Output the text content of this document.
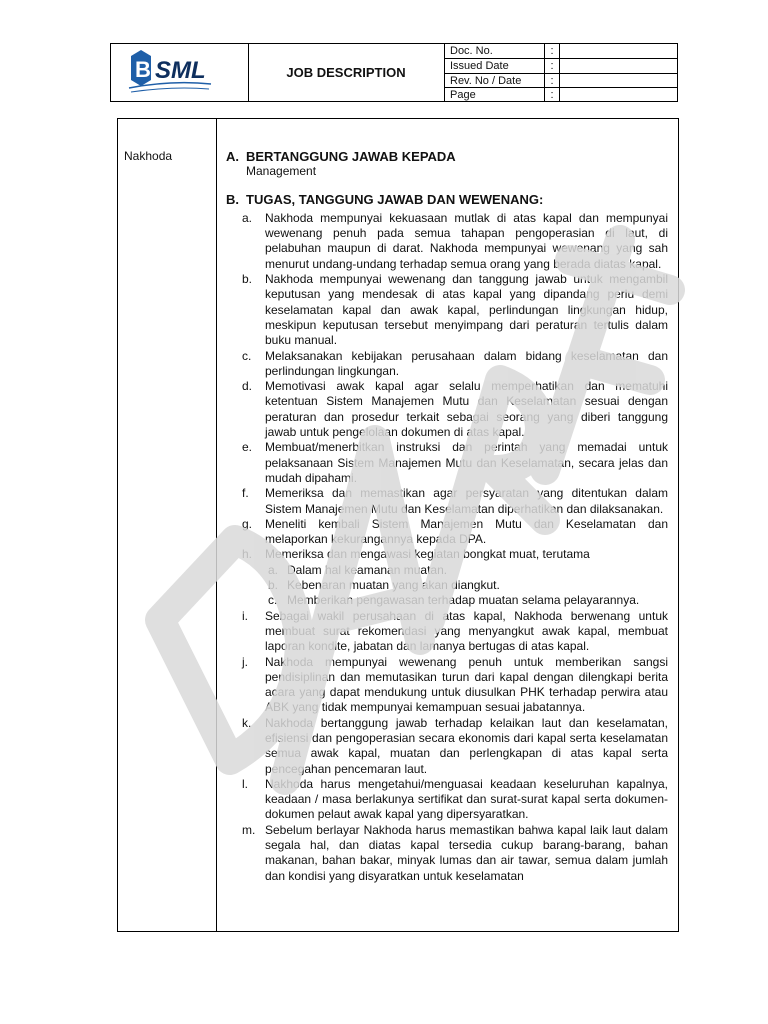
B SML	JOB DESCRIPTION
Doc. No.	:
Issued Date	:
Rev. No / Date	:
Page	:
Nakhoda	A. BERTANGGUNG JAWAB KEPADA

Management

B. TUGAS, TANGGUNG JAWAB DAN WEWENANG:

a. Nakhoda mempunyai kekuasaan mutlak di atas kapal dan mempunyai wewenang penuh pada semua tahapan pengoperasian di laut, di pelabuhan maupun di darat. Nakhoda mempunyai wewenang yang sah menurut undang-undang terhadap semua orang yang berada diatas kapal.
b. Nakhoda mempunyai wewenang dan tanggung jawab untuk mengambil keputusan yang mendesak di atas kapal yang dipandang perlu demi keselamatan kapal dan awak kapal, perlindungan lingkungan hidup, meskipun keputusan tersebut menyimpang dari peraturan tertulis dalam buku manual.
c. Melaksanakan kebijakan perusahaan dalam bidang keselamatan dan perlindungan lingkungan.
d. Memotivasi awak kapal agar selalu memperhatikan dan mematuhi ketentuan Sistem Manajemen Mutu dan Keselamatan sesuai dengan peraturan dan prosedur terkait sebagai seorang yang diberi tanggung jawab untuk pengelolaan dokumen di atas kapal.
e. Membuat/menerbitkan instruksi dan perintah yang memadai untuk pelaksanaan Sistem Manajemen Mutu dan Keselamatan, secara jelas dan mudah dipahami.
f. Memeriksa dan memastikan agar persyaratan yang ditentukan dalam Sistem Manajemen Mutu dan Keselamatan diperhatikan dan dilaksanakan.
g. Meneliti kembali Sistem Manajemen Mutu dan Keselamatan dan melaporkan kekurangannya kepada DPA.
h. Memeriksa dan mengawasi kegiatan bongkat muat, terutama
a. Dalam hal keamanan muatan.
b. Kebenaran muatan yang akan diangkut.
c. Memberikan pengawasan terhadap muatan selama pelayarannya.
i. Sebagai wakil perusahaan di atas kapal, Nakhoda berwenang untuk membuat surat rekomendasi yang menyangkut awak kapal, membuat laporan kondite, jabatan dan lamanya bertugas di atas kapal.
j. Nakhoda mempunyai wewenang penuh untuk memberikan sangsi pendisiplinan dan memutasikan turun dari kapal dengan dilengkapi berita acara yang dapat mendukung untuk diusulkan PHK terhadap perwira atau ABK yang tidak mempunyai kemampuan sesuai jabatannya.
k. Nakhoda bertanggung jawab terhadap kelaikan laut dan keselamatan, efisiensi dan pengoperasian secara ekonomis dari kapal serta keselamatan semua awak kapal, muatan dan perlengkapan di atas kapal serta pencegahan pencemaran laut.
l. Nakhoda harus mengetahui/menguasai keadaan keseluruhan kapalnya, keadaan / masa berlakunya sertifikat dan surat-surat kapal serta dokumen-dokumen pelaut awak kapal yang dipersyaratkan.
m. Sebelum berlayar Nakhoda harus memastikan bahwa kapal laik laut dalam segala hal, dan diatas kapal tersedia cukup barang-barang, bahan makanan, bahan bakar, minyak lumas dan air tawar, semua dalam jumlah dan kondisi yang disyaratkan untuk keselamatan
